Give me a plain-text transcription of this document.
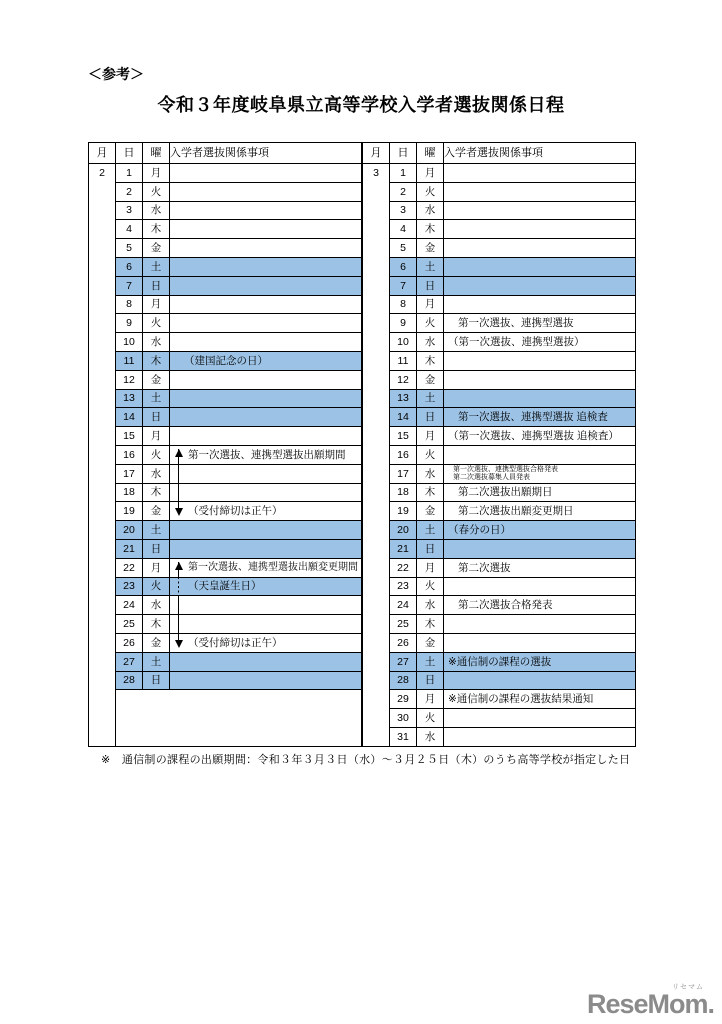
＜参考＞
令和３年度岐阜県立高等学校入学者選抜関係日程
月	日	曜	入学者選抜関係事項
2	1	月	
	2	火	
	3	水	
	4	木	
	5	金	
	6	土	
	7	日	
	8	月	
	9	火	
	10	水	
	11	木	（建国記念の日）
	12	金	
	13	土	
	14	日	
	15	月	
	16	火	第一次選抜、連携型選抜出願期間
	17	水	
	18	木	
	19	金	（受付締切は正午）
	20	土	
	21	日	
	22	月	第一次選抜、連携型選抜出願変更期間
	23	火	（天皇誕生日）
	24	水	
	25	木	
	26	金	（受付締切は正午）
	27	土	
	28	日	

月	日	曜	入学者選抜関係事項
3	1	月	
	2	火	
	3	水	
	4	木	
	5	金	
	6	土	
	7	日	
	8	月	
	9	火	第一次選抜、連携型選抜
	10	水	（第一次選抜、連携型選抜）
	11	木	
	12	金	
	13	土	
	14	日	第一次選抜、連携型選抜 追検査
	15	月	（第一次選抜、連携型選抜 追検査）
	16	火	
	17	水	第一次選抜、連携型選抜合格発表
第二次選抜募集人員発表

	18	木	第二次選抜出願期日
	19	金	第二次選抜出願変更期日
	20	土	（春分の日）
	21	日	
	22	月	第二次選抜
	23	火	
	24	水	第二次選抜合格発表
	25	木	
	26	金	
	27	土	※通信制の課程の選抜
	28	日	
	29	月	※通信制の課程の選抜結果通知
	30	火	
	31	水	
※　通信制の課程の出願期間：令和３年３月３日（水）～３月２５日（木）のうち高等学校が指定した日
リセマム
ReseMom.
